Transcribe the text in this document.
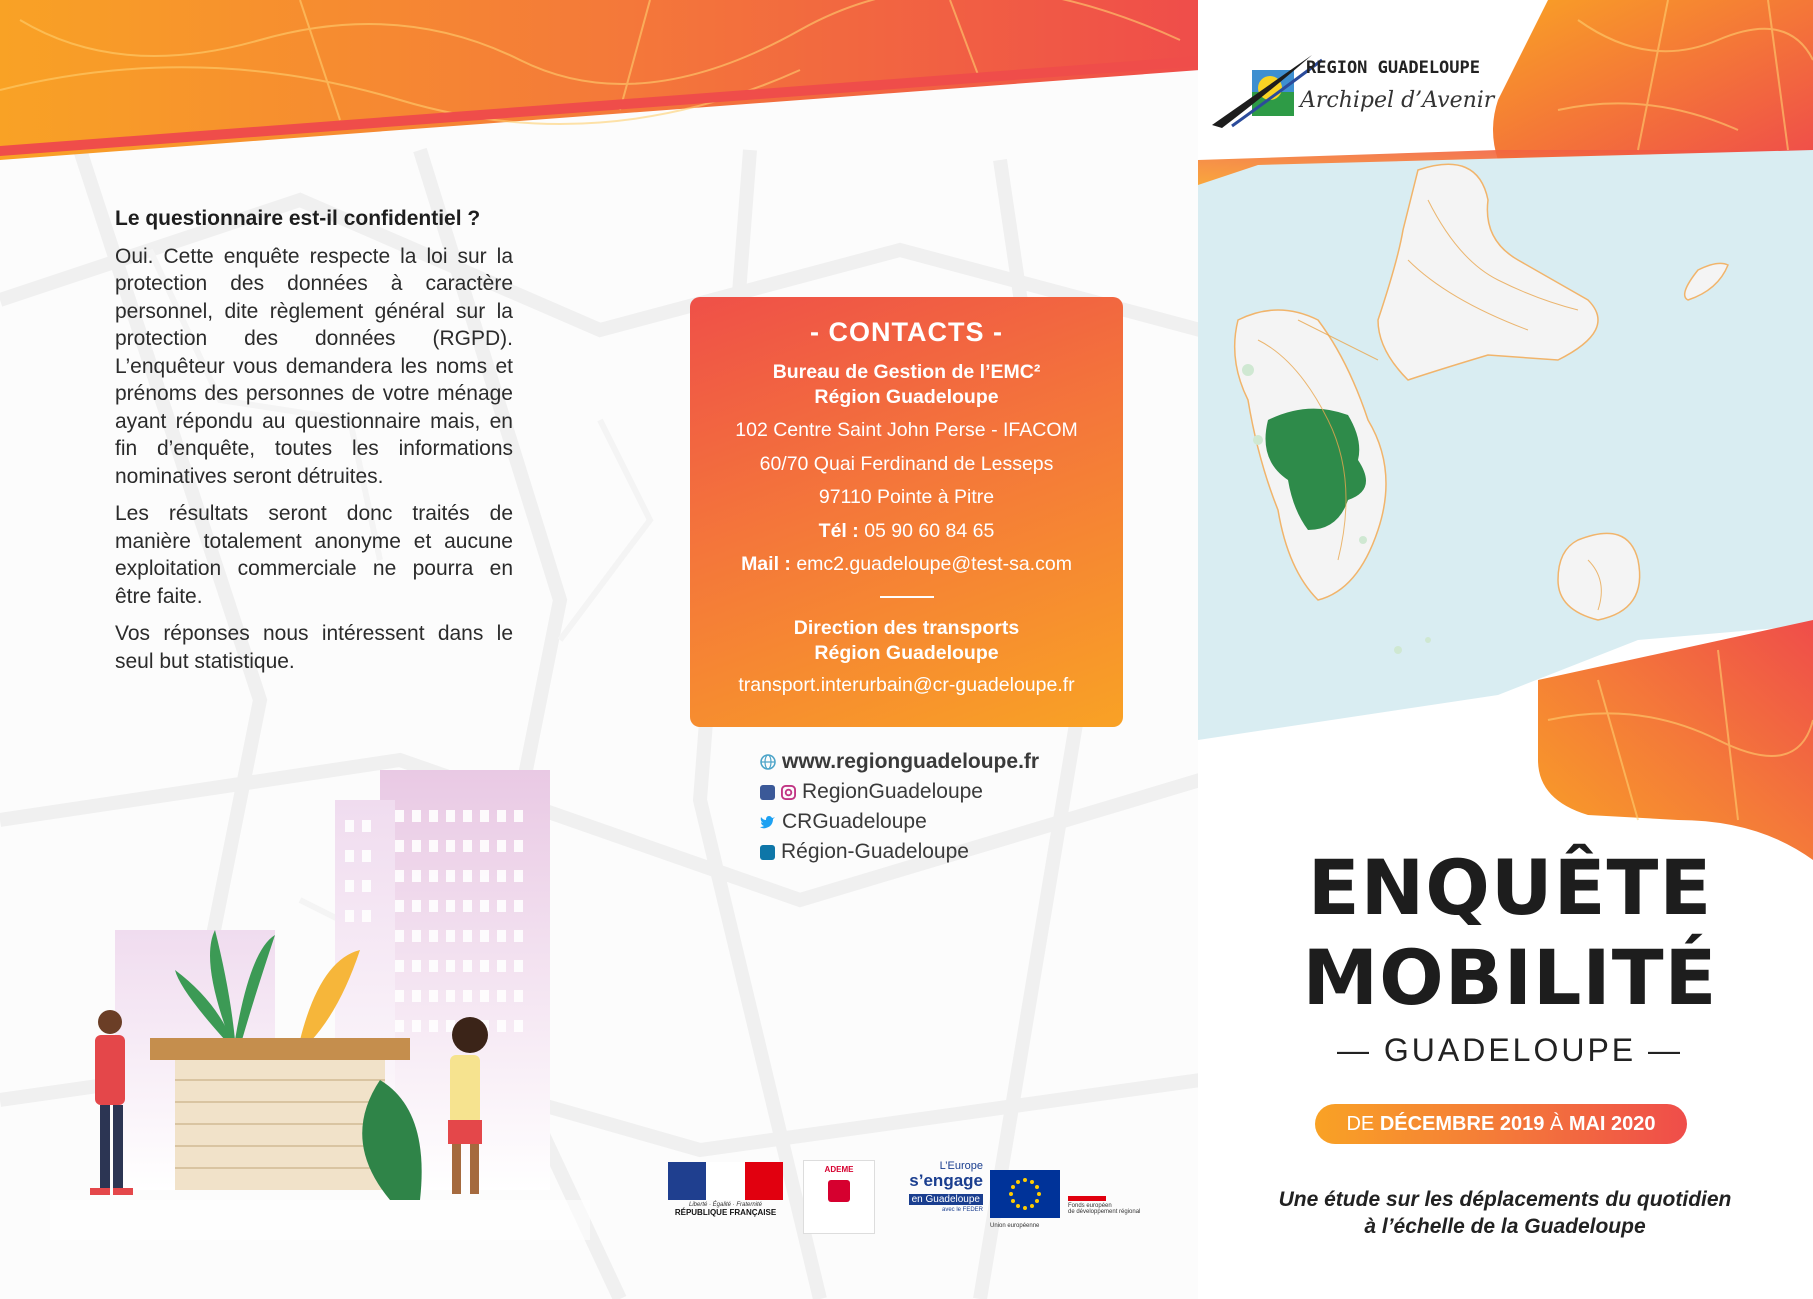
Le questionnaire est-il confidentiel ?

Oui. Cette enquête respecte la loi sur la protection des données à caractère personnel, dite règlement général sur la protection des données (RGPD). L’enquêteur vous demandera les noms et prénoms des personnes de votre ménage ayant répondu au questionnaire mais, en fin d’enquête, toutes les informations nominatives seront détruites.

Les résultats seront donc traités de manière totalement anonyme et aucune exploitation commerciale ne pourra en être faite.

Vos réponses nous intéressent dans le seul but statistique.

- CONTACTS -
Bureau de Gestion de l’EMC²
Région Guadeloupe
102 Centre Saint John Perse - IFACOM
60/70 Quai Ferdinand de Lesseps
97110 Pointe à Pitre
Tél : 05 90 60 84 65
Mail : emc2.guadeloupe@test-sa.com
Direction des transports
Région Guadeloupe
transport.interurbain@cr-guadeloupe.fr
www.regionguadeloupe.fr
RegionGuadeloupe
CRGuadeloupe
Région-Guadeloupe
Liberté · Égalité · Fraternité
RÉPUBLIQUE FRANÇAISE
ADEME	L’Europe
s’engage
en Guadeloupe
avec le FEDER
Union européenne
Fonds européen
de développement régional
REGION GUADELOUPE
Archipel d’Avenir
ENQUÊTE
MOBILITÉ
— GUADELOUPE —
DE DÉCEMBRE 2019 À MAI 2020
Une étude sur les déplacements du quotidien
à l’échelle de la Guadeloupe
